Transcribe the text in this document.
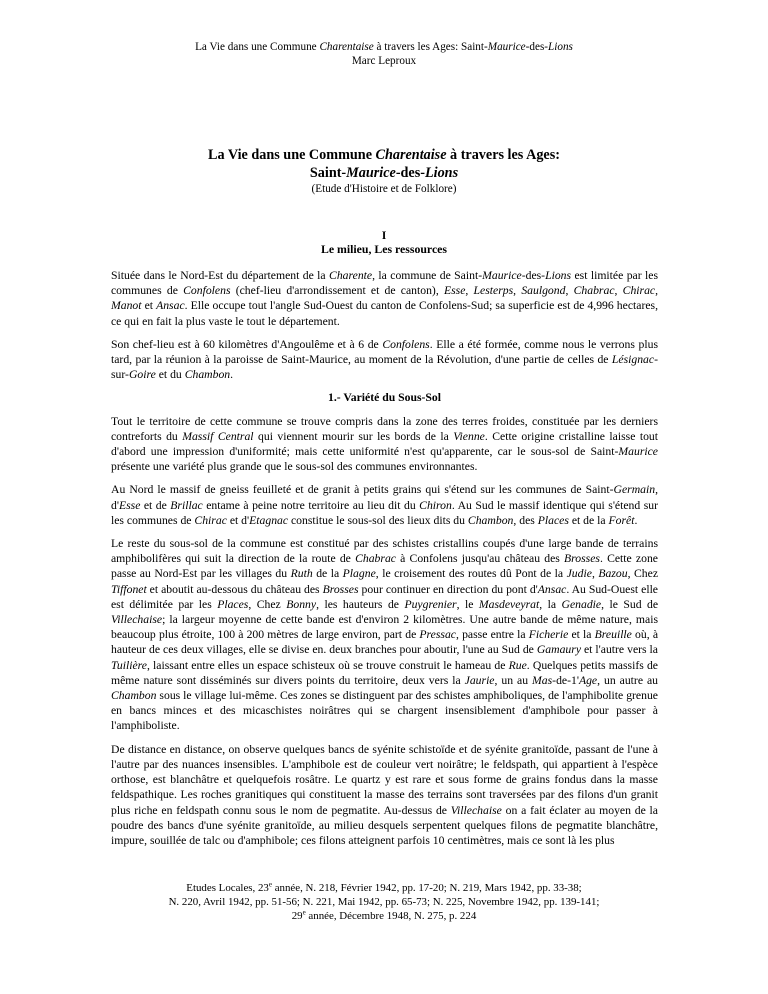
La Vie dans une Commune Charentaise à travers les Ages: Saint-Maurice-des-Lions
Marc Leproux
La Vie dans une Commune Charentaise à travers les Ages:
Saint-Maurice-des-Lions
(Etude d'Histoire et de Folklore)
I
Le milieu, Les ressources

Située dans le Nord-Est du département de la Charente, la commune de Saint-Maurice-des-Lions est limitée par les communes de Confolens (chef-lieu d'arrondissement et de canton), Esse, Lesterps, Saulgond, Chabrac, Chirac, Manot et Ansac. Elle occupe tout l'angle Sud-Ouest du canton de Confolens-Sud; sa superficie est de 4,996 hectares, ce qui en fait la plus vaste le tout le département.

Son chef-lieu est à 60 kilomètres d'Angoulême et à 6 de Confolens. Elle a été formée, comme nous le verrons plus tard, par la réunion à la paroisse de Saint-Maurice, au moment de la Révolution, d'une partie de celles de Lésignac-sur-Goire et du Chambon.

1.- Variété du Sous-Sol

Tout le territoire de cette commune se trouve compris dans la zone des terres froides, constituée par les derniers contreforts du Massif Central qui viennent mourir sur les bords de la Vienne. Cette origine cristalline laisse tout d'abord une impression d'uniformité; mais cette uniformité n'est qu'apparente, car le sous-sol de Saint-Maurice présente une variété plus grande que le sous-sol des communes environnantes.

Au Nord le massif de gneiss feuilleté et de granit à petits grains qui s'étend sur les communes de Saint-Germain, d'Esse et de Brillac entame à peine notre territoire au lieu dit du Chiron. Au Sud le massif identique qui s'étend sur les communes de Chirac et d'Etagnac constitue le sous-sol des lieux dits du Chambon, des Places et de la Forêt.

Le reste du sous-sol de la commune est constitué par des schistes cristallins coupés d'une large bande de terrains amphibolifères qui suit la direction de la route de Chabrac à Confolens jusqu'au château des Brosses. Cette zone passe au Nord-Est par les villages du Ruth de la Plagne, le croisement des routes dû Pont de la Judie, Bazou, Chez Tiffonet et aboutit au-dessous du château des Brosses pour continuer en direction du pont d'Ansac. Au Sud-Ouest elle est délimitée par les Places, Chez Bonny, les hauteurs de Puygrenier, le Masdeveyrat, la Genadie, le Sud de Villechaise; la largeur moyenne de cette bande est d'environ 2 kilomètres. Une autre bande de même nature, mais beaucoup plus étroite, 100 à 200 mètres de large environ, part de Pressac, passe entre la Ficherie et la Breuille où, à hauteur de ces deux villages, elle se divise en. deux branches pour aboutir, l'une au Sud de Gamaury et l'autre vers la Tuilière, laissant entre elles un espace schisteux où se trouve construit le hameau de Rue. Quelques petits massifs de même nature sont disséminés sur divers points du territoire, deux vers la Jaurie, un au Mas-de-1'Age, un autre au Chambon sous le village lui-même. Ces zones se distinguent par des schistes amphiboliques, de l'amphibolite grenue en bancs minces et des micaschistes noirâtres qui se chargent insensiblement d'amphibole pour passer à l'amphiboliste.

De distance en distance, on observe quelques bancs de syénite schistoïde et de syénite granitoïde, passant de l'une à l'autre par des nuances insensibles. L'amphibole est de couleur vert noirâtre; le feldspath, qui appartient à l'espèce orthose, est blanchâtre et quelquefois rosâtre. Le quartz y est rare et sous forme de grains fondus dans la masse feldspathique. Les roches granitiques qui constituent la masse des terrains sont traversées par des filons d'un granit plus riche en feldspath connu sous le nom de pegmatite. Au-dessus de Villechaise on a fait éclater au moyen de la poudre des bancs d'une syénite granitoïde, au milieu desquels serpentent quelques filons de pegmatite blanchâtre, impure, souillée de talc ou d'amphibole; ces filons atteignent parfois 10 centimètres, mais ce sont là les plus

Etudes Locales, 23e année, N. 218, Février 1942, pp. 17-20; N. 219, Mars 1942, pp. 33-38;
N. 220, Avril 1942, pp. 51-56; N. 221, Mai 1942, pp. 65-73; N. 225, Novembre 1942, pp. 139-141;
29e année, Décembre 1948, N. 275, p. 224
